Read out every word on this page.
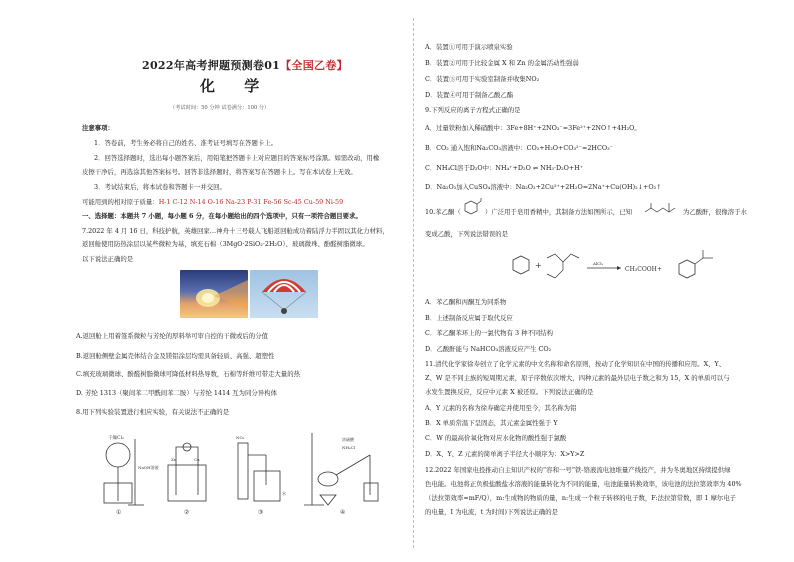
2022年高考押题预测卷01【全国乙卷】
化 学
（考试时间：50 分钟 试卷满分：100 分）
注意事项：
1．答卷前，考生务必将自己的姓名、准考证号填写在答题卡上。
2．回答选择题时，选出每小题答案后，用铅笔把答题卡上对应题目的答案标号涂黑。如需改动，用橡
皮擦干净后，再选涂其他答案标号。回答非选择题时，将答案写在答题卡上。写在本试卷上无效。
3．考试结束后，将本试卷和答题卡一并交回。
可能用到的相对原子质量：H-1 C-12 N-14 O-16 Na-23 P-31 Fe-56 Sc-45 Cu-59 Ni-59
一、选择题：本题共 7 小题，每小题 6 分，在每小题给出的四个选项中，只有一项符合题目要求。
7.2022 年 4 月 16 日，科技护航，英雄回家…神舟十三号载人飞船返回舱成功着陆浮力半固以其化力材料，
返回舱使用防热涂层以某些微粒为基，填充石棉（3MgO·2SiO₂·2H₂O）、玻璃微珠、酚醛树脂微球。
以下说法正确的是
A.返回舱上用着签系微粒与芳纶的厚料举可审自控的干微或后的分值
B.返回舱侧壁金属壳体结合金及镁铝涂层均需具备轻质、高强、超塑性
C.填充玻璃微球、酚醛树脂微球可降低材料热导数，石棉等纤维可带走大量的热
D. 芳纶 1313（聚间苯二甲酰间苯二胺）与芳纶 1414 互为同分异构体
8.用下列实验装置进行相应实验，有关说法不正确的是
干燥Cl₂
NaOH溶液
①
Zn	Cu
②
NO₂
水
③
浓硫酸
NH₄Cl
④
A．装置①可用于演示喷泉实验
B．装置②可用于比较金属 X 和 Zn 的金属活动性强弱
C．装置③可用于实验室制备并收集NO₂
D．装置④可用于制备乙酸乙酯
9.下列反应的离子方程式正确的是
A．过量铁粉加入稀硝酸中：3Fe+8H⁺+2NO₃⁻=3Fe²⁺+2NO↑+4H₂O。
B．CO₂ 通入饱和Na₂CO₃溶液中：CO₂+H₂O+CO₃²⁻=2HCO₃⁻
C．NH₄Cl溶于D₂O中：NH₄⁺+D₂O ⇌ NH₃·D₂O+H⁺
D．Na₂O₂加入CuSO₄溶液中：Na₂O₂+2Cu²⁺+2H₂O=2Na⁺+Cu(OH)₂↓+O₂↑
10.苯乙酮（	）广泛用于皂用香精中，其制备方法如图所示，已知	为乙酸酐，很像溶于水
变成乙酸，下列说法错误的是
+	AlCl₃
CH₃COOH+
A．苯乙酮和丙酮互为同系物
B．上述制备反应属于取代反应
C．苯乙酮苯环上的一氯代物有 3 种不同结构
D．乙酸酐能与 NaHCO₃溶液反应产生 CO₂
11.清代化学家徐寿创立了化学元素的中文名称和命名原则，按动了化学知识在中国的传播和应用。X、Y、
Z、W 是不同主族的短周期元素，原子序数依次增大，四种元素的最外层电子数之和为 15，X 的单质可以与
水发生置换反应，反应中元素 X 被还原。下列说法正确的是
A．Y 元素的名称为徐寿确定并使用至今，其名称为铝
B．X 单质常温下呈固态，其元素金属性强于 Y
C．W 的最高价氧化物对应水化物的酸性强于氯酸
D．X、Y、Z 元素的简单离子半径大小顺序为：X>Y>Z
12.2022 年国家电投推动自主知识产权的“容和一号”铁-铬液流电池堆量产线投产，并为冬奥地区持续提供绿
色电能。电池将正负极盐酸盐水溶液的能量转化为不同的能量，电池能量转换效率，该电池的法拉第效率为 40%
（法拉第效率=mF/Q），m:生成物的物质的量，n:生成一个粒子转移的电子数，F:法拉第常数，即 1 摩尔电子
的电量，I 为电流，t 为时间)下列说法正确的是
